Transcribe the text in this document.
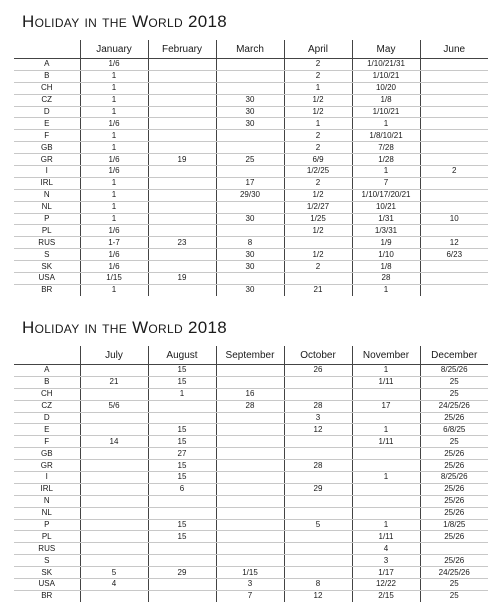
Holiday in the World 2018
	January	February	March	April	May	June
A	1/6			2	1/10/21/31	
B	1			2	1/10/21	
CH	1			1	10/20	
CZ	1		30	1/2	1/8	
D	1		30	1/2	1/10/21	
E	1/6		30	1	1	
F	1			2	1/8/10/21	
GB	1			2	7/28	
GR	1/6	19	25	6/9	1/28	
I	1/6			1/2/25	1	2
IRL	1		17	2	7	
N	1		29/30	1/2	1/10/17/20/21	
NL	1			1/2/27	10/21	
P	1		30	1/25	1/31	10
PL	1/6			1/2	1/3/31	
RUS	1-7	23	8		1/9	12
S	1/6		30	1/2	1/10	6/23
SK	1/6		30	2	1/8	
USA	1/15	19			28	
BR	1		30	21	1	
Holiday in the World 2018
	July	August	September	October	November	December
A		15		26	1	8/25/26
B	21	15			1/11	25
CH		1	16			25
CZ	5/6		28	28	17	24/25/26
D				3		25/26
E		15		12	1	6/8/25
F	14	15			1/11	25
GB		27				25/26
GR		15		28		25/26
I		15			1	8/25/26
IRL		6		29		25/26
N						25/26
NL						25/26
P		15		5	1	1/8/25
PL		15			1/11	25/26
RUS					4	
S					3	25/26
SK	5	29	1/15		1/17	24/25/26
USA	4		3	8	12/22	25
BR			7	12	2/15	25
